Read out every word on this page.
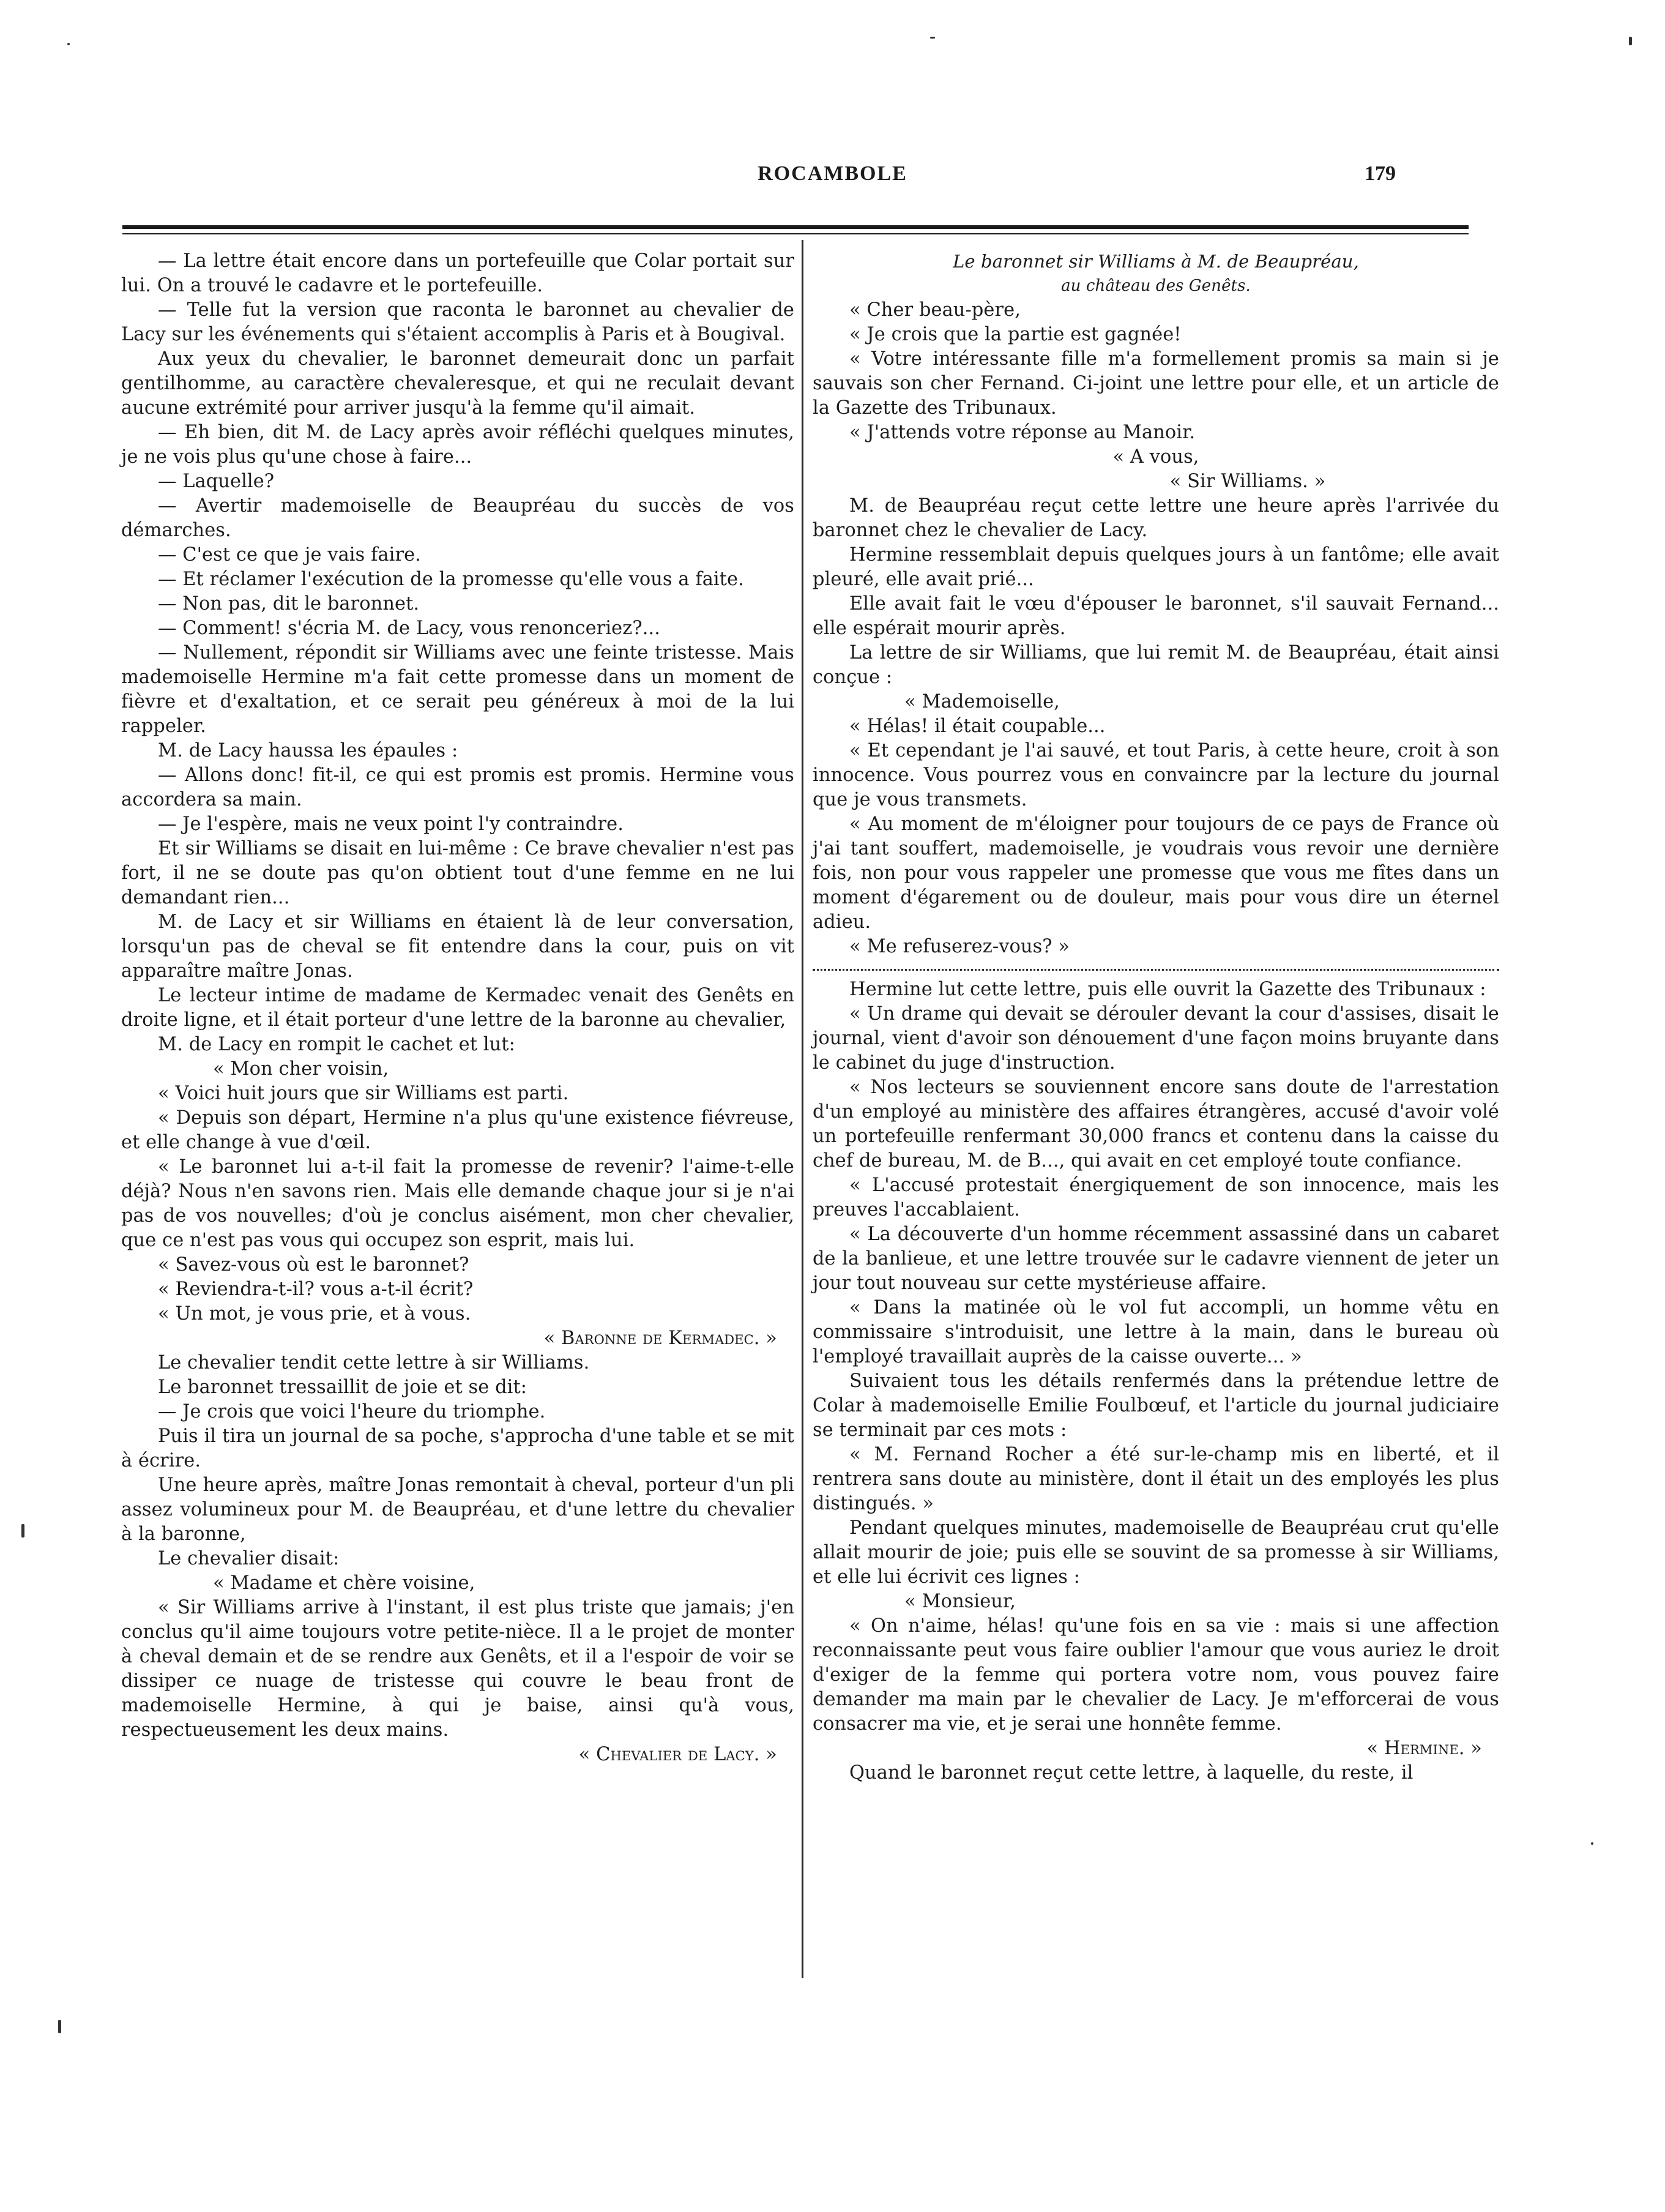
ROCAMBOLE	179

— La lettre était encore dans un portefeuille que Colar portait sur lui. On a trouvé le cadavre et le portefeuille.

— Telle fut la version que raconta le baronnet au chevalier de Lacy sur les événements qui s'étaient accomplis à Paris et à Bougival.

Aux yeux du chevalier, le baronnet demeurait donc un parfait gentilhomme, au caractère chevaleresque, et qui ne reculait devant aucune extrémité pour arriver jusqu'à la femme qu'il aimait.

— Eh bien, dit M. de Lacy après avoir réfléchi quelques minutes, je ne vois plus qu'une chose à faire...

— Laquelle?

— Avertir mademoiselle de Beaupréau du succès de vos démarches.

— C'est ce que je vais faire.

— Et réclamer l'exécution de la promesse qu'elle vous a faite.

— Non pas, dit le baronnet.

— Comment! s'écria M. de Lacy, vous renonceriez?...

— Nullement, répondit sir Williams avec une feinte tristesse. Mais mademoiselle Hermine m'a fait cette promesse dans un moment de fièvre et d'exaltation, et ce serait peu généreux à moi de la lui rappeler.

M. de Lacy haussa les épaules :

— Allons donc! fit-il, ce qui est promis est promis. Hermine vous accordera sa main.

— Je l'espère, mais ne veux point l'y contraindre.

Et sir Williams se disait en lui-même : Ce brave chevalier n'est pas fort, il ne se doute pas qu'on obtient tout d'une femme en ne lui demandant rien...

M. de Lacy et sir Williams en étaient là de leur conversation, lorsqu'un pas de cheval se fit entendre dans la cour, puis on vit apparaître maître Jonas.

Le lecteur intime de madame de Kermadec venait des Genêts en droite ligne, et il était porteur d'une lettre de la baronne au chevalier,

M. de Lacy en rompit le cachet et lut:

« Mon cher voisin,

« Voici huit jours que sir Williams est parti.

« Depuis son départ, Hermine n'a plus qu'une existence fiévreuse, et elle change à vue d'œil.

« Le baronnet lui a-t-il fait la promesse de revenir? l'aime-t-elle déjà? Nous n'en savons rien. Mais elle demande chaque jour si je n'ai pas de vos nouvelles; d'où je conclus aisément, mon cher chevalier, que ce n'est pas vous qui occupez son esprit, mais lui.

« Savez-vous où est le baronnet?

« Reviendra-t-il? vous a-t-il écrit?

« Un mot, je vous prie, et à vous.

« Baronne de Kermadec. »

Le chevalier tendit cette lettre à sir Williams.

Le baronnet tressaillit de joie et se dit:

— Je crois que voici l'heure du triomphe.

Puis il tira un journal de sa poche, s'approcha d'une table et se mit à écrire.

Une heure après, maître Jonas remontait à cheval, porteur d'un pli assez volumineux pour M. de Beaupréau, et d'une lettre du chevalier à la baronne,

Le chevalier disait:

« Madame et chère voisine,

« Sir Williams arrive à l'instant, il est plus triste que jamais; j'en conclus qu'il aime toujours votre petite-nièce. Il a le projet de monter à cheval demain et de se rendre aux Genêts, et il a l'espoir de voir se dissiper ce nuage de tristesse qui couvre le beau front de mademoiselle Hermine, à qui je baise, ainsi qu'à vous, respectueusement les deux mains.

« Chevalier de Lacy. »

Le baronnet sir Williams à M. de Beaupréau,

au château des Genêts.

« Cher beau-père,

« Je crois que la partie est gagnée!

« Votre intéressante fille m'a formellement promis sa main si je sauvais son cher Fernand. Ci-joint une lettre pour elle, et un article de la Gazette des Tribunaux.

« J'attends votre réponse au Manoir.

« A vous,

« Sir Williams. »

M. de Beaupréau reçut cette lettre une heure après l'arrivée du baronnet chez le chevalier de Lacy.

Hermine ressemblait depuis quelques jours à un fantôme; elle avait pleuré, elle avait prié...

Elle avait fait le vœu d'épouser le baronnet, s'il sauvait Fernand... elle espérait mourir après.

La lettre de sir Williams, que lui remit M. de Beaupréau, était ainsi conçue :

« Mademoiselle,

« Hélas! il était coupable...

« Et cependant je l'ai sauvé, et tout Paris, à cette heure, croit à son innocence. Vous pourrez vous en convaincre par la lecture du journal que je vous transmets.

« Au moment de m'éloigner pour toujours de ce pays de France où j'ai tant souffert, mademoiselle, je voudrais vous revoir une dernière fois, non pour vous rappeler une promesse que vous me fîtes dans un moment d'égarement ou de douleur, mais pour vous dire un éternel adieu.

« Me refuserez-vous? »

Hermine lut cette lettre, puis elle ouvrit la Gazette des Tribunaux :

« Un drame qui devait se dérouler devant la cour d'assises, disait le journal, vient d'avoir son dénouement d'une façon moins bruyante dans le cabinet du juge d'instruction.

« Nos lecteurs se souviennent encore sans doute de l'arrestation d'un employé au ministère des affaires étrangères, accusé d'avoir volé un portefeuille renfermant 30,000 francs et contenu dans la caisse du chef de bureau, M. de B..., qui avait en cet employé toute confiance.

« L'accusé protestait énergiquement de son innocence, mais les preuves l'accablaient.

« La découverte d'un homme récemment assassiné dans un cabaret de la banlieue, et une lettre trouvée sur le cadavre viennent de jeter un jour tout nouveau sur cette mystérieuse affaire.

« Dans la matinée où le vol fut accompli, un homme vêtu en commissaire s'introduisit, une lettre à la main, dans le bureau où l'employé travaillait auprès de la caisse ouverte... »

Suivaient tous les détails renfermés dans la prétendue lettre de Colar à mademoiselle Emilie Foulbœuf, et l'article du journal judiciaire se terminait par ces mots :

« M. Fernand Rocher a été sur-le-champ mis en liberté, et il rentrera sans doute au ministère, dont il était un des employés les plus distingués. »

Pendant quelques minutes, mademoiselle de Beaupréau crut qu'elle allait mourir de joie; puis elle se souvint de sa promesse à sir Williams, et elle lui écrivit ces lignes :

« Monsieur,

« On n'aime, hélas! qu'une fois en sa vie : mais si une affection reconnaissante peut vous faire oublier l'amour que vous auriez le droit d'exiger de la femme qui portera votre nom, vous pouvez faire demander ma main par le chevalier de Lacy. Je m'efforcerai de vous consacrer ma vie, et je serai une honnête femme.

« Hermine. »

Quand le baronnet reçut cette lettre, à laquelle, du reste, il
